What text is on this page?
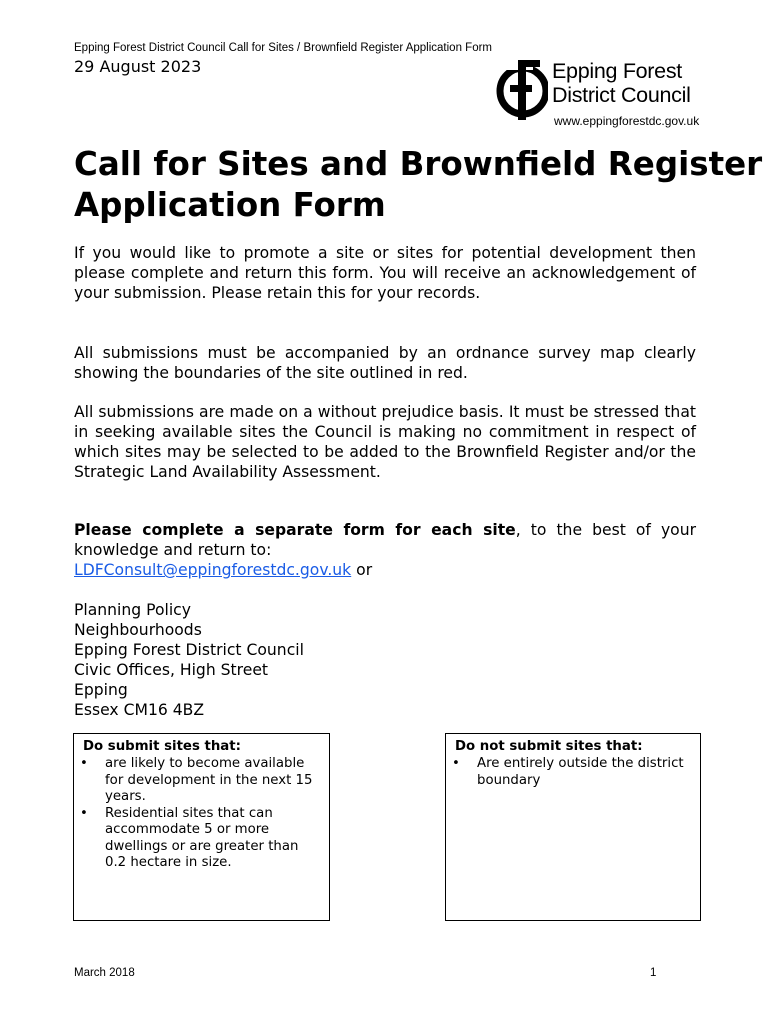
Epping Forest District Council Call for Sites / Brownfield Register Application Form
29 August 2023	Epping Forest
District Council
www.eppingforestdc.gov.uk
Call for Sites and Brownfield Register Application Form
If you would like to promote a site or sites for potential development then please complete and return this form. You will receive an acknowledgement of your submission. Please retain this for your records.
All submissions must be accompanied by an ordnance survey map clearly showing the boundaries of the site outlined in red.
All submissions are made on a without prejudice basis. It must be stressed that in seeking available sites the Council is making no commitment in respect of which sites may be selected to be added to the Brownfield Register and/or the Strategic Land Availability Assessment.
Please complete a separate form for each site, to the best of your knowledge and return to:
LDFConsult@eppingforestdc.gov.uk or
Planning Policy
Neighbourhoods
Epping Forest District Council
Civic Offices, High Street
Epping
Essex CM16 4BZ
Do submit sites that:
• are likely to become available for development in the next 15 years.
• Residential sites that can accommodate 5 or more dwellings or are greater than 0.2 hectare in size.
Do not submit sites that:
• Are entirely outside the district boundary
March 2018	1
